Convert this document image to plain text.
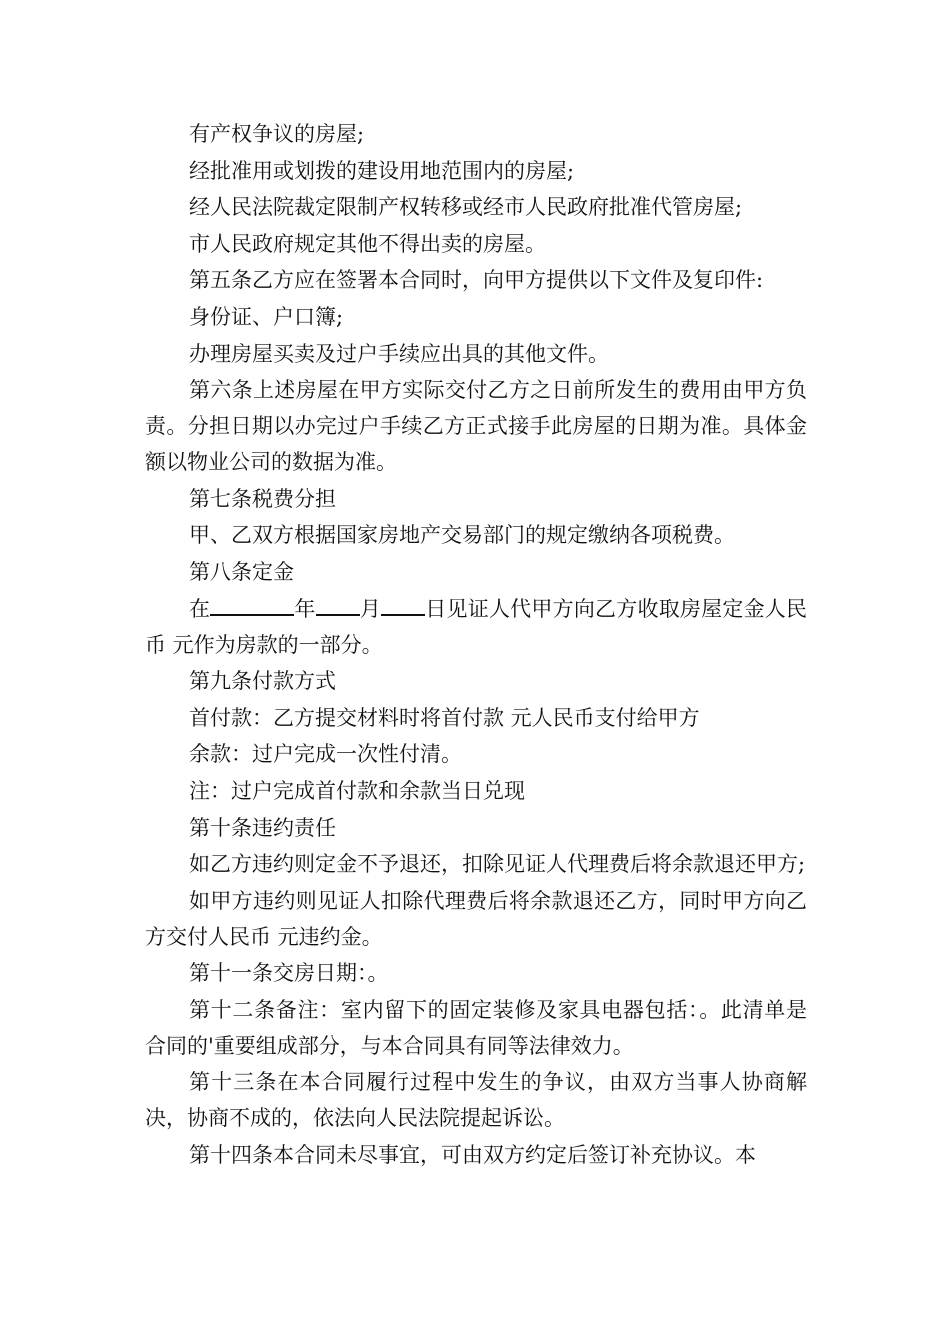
有产权争议的房屋;

经批准用或划拨的建设用地范围内的房屋;

经人民法院裁定限制产权转移或经市人民政府批准代管房屋;

市人民政府规定其他不得出卖的房屋。

第五条乙方应在签署本合同时，向甲方提供以下文件及复印件:

身份证、户口簿;

办理房屋买卖及过户手续应出具的其他文件。

第六条上述房屋在甲方实际交付乙方之日前所发生的费用由甲方负责。分担日期以办完过户手续乙方正式接手此房屋的日期为准。具体金额以物业公司的数据为准。

第七条税费分担

甲、乙双方根据国家房地产交易部门的规定缴纳各项税费。

第八条定金

在	年 月 日见证人代甲方向乙方收取房屋定金人民币 元作为房款的一部分。

第九条付款方式

首付款：乙方提交材料时将首付款 元人民币支付给甲方

余款：过户完成一次性付清。

注：过户完成首付款和余款当日兑现

第十条违约责任

如乙方违约则定金不予退还，扣除见证人代理费后将余款退还甲方;

如甲方违约则见证人扣除代理费后将余款退还乙方，同时甲方向乙方交付人民币 元违约金。

第十一条交房日期：。

第十二条备注：室内留下的固定装修及家具电器包括：。此清单是合同的'重要组成部分，与本合同具有同等法律效力。

第十三条在本合同履行过程中发生的争议，由双方当事人协商解决，协商不成的，依法向人民法院提起诉讼。

第十四条本合同未尽事宜，可由双方约定后签订补充协议。本
